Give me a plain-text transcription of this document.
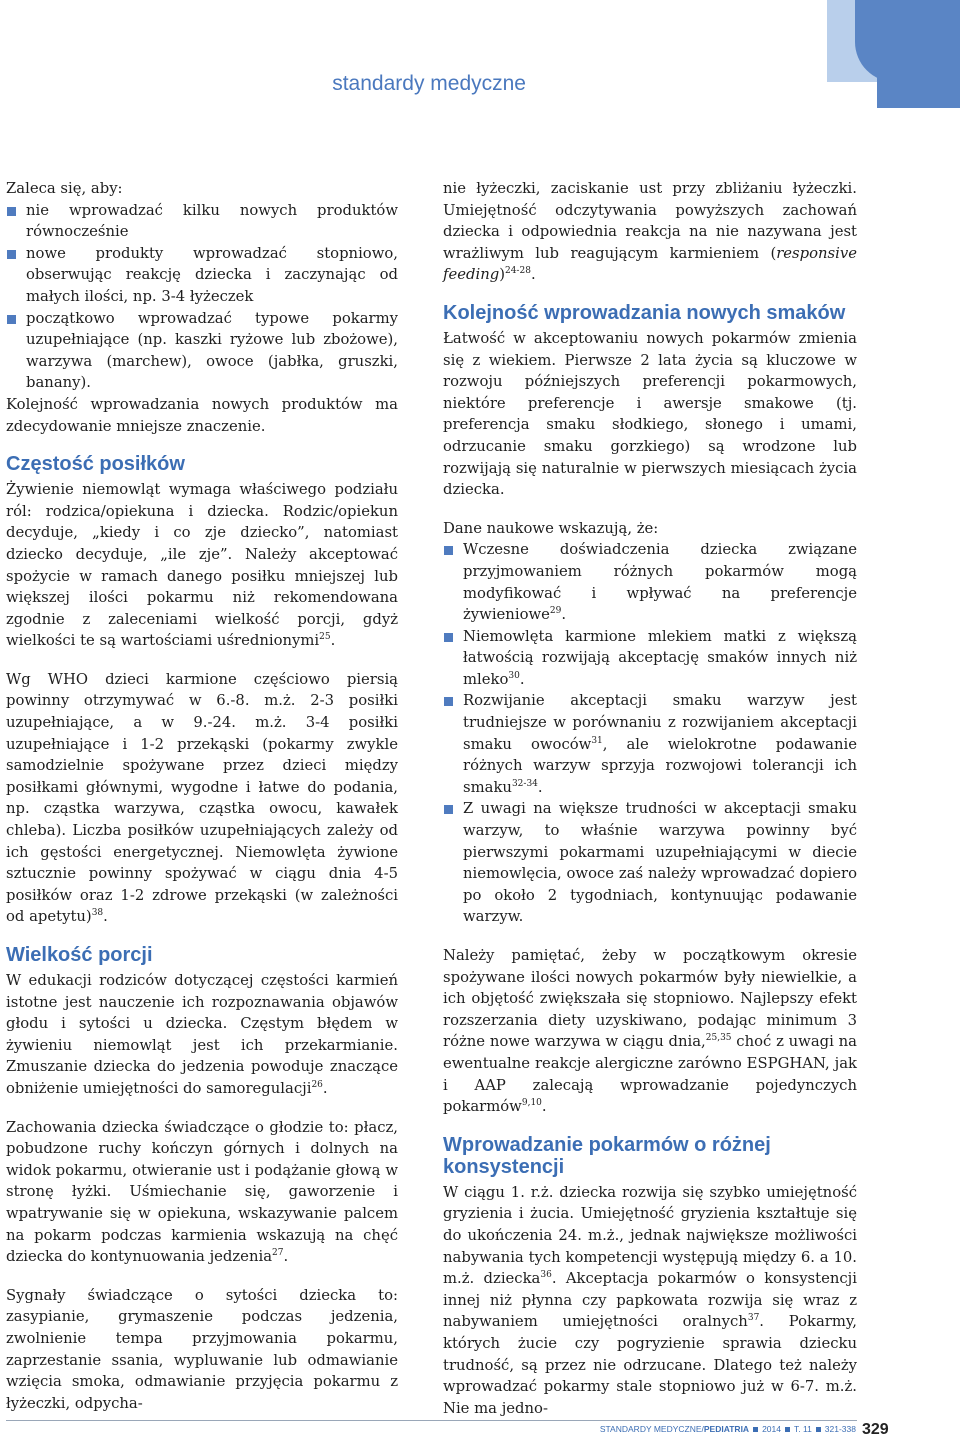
standardy medyczne

Zaleca się, aby:

nie wprowadzać kilku nowych produktów równocześnie
nowe produkty wprowadzać stopniowo, obserwując reakcję dziecka i zaczynając od małych ilości, np. 3-4 łyżeczek
początkowo wprowadzać typowe pokarmy uzupełniające (np. kaszki ryżowe lub zbożowe), warzywa (marchew), owoce (jabłka, gruszki, banany).

Kolejność wprowadzania nowych produktów ma zdecydowanie mniejsze znaczenie.

Częstość posiłków

Żywienie niemowląt wymaga właściwego podziału ról: rodzica/opiekuna i dziecka. Rodzic/opiekun decyduje, „kiedy i co zje dziecko”, natomiast dziecko decyduje, „ile zje”. Należy akceptować spożycie w ramach danego posiłku mniejszej lub większej ilości pokarmu niż rekomendowana zgodnie z zaleceniami wielkość porcji, gdyż wielkości te są wartościami uśrednionymi$^{25}$.

Wg WHO dzieci karmione częściowo piersią powinny otrzymywać w 6.-8. m.ż. 2-3 posiłki uzupełniające, a w 9.-24. m.ż. 3-4 posiłki uzupełniające i 1-2 przekąski (pokarmy zwykle samodzielnie spożywane przez dzieci między posiłkami głównymi, wygodne i łatwe do podania, np. cząstka warzywa, cząstka owocu, kawałek chleba). Liczba posiłków uzupełniających zależy od ich gęstości energetycznej. Niemowlęta żywione sztucznie powinny spożywać w ciągu dnia 4-5 posiłków oraz 1-2 zdrowe przekąski (w zależności od apetytu)$^{38}$.

Wielkość porcji

W edukacji rodziców dotyczącej częstości karmień istotne jest nauczenie ich rozpoznawania objawów głodu i sytości u dziecka. Częstym błędem w żywieniu niemowląt jest ich przekarmianie. Zmuszanie dziecka do jedzenia powoduje znaczące obniżenie umiejętności do samoregulacji$^{26}$.

Zachowania dziecka świadczące o głodzie to: płacz, pobudzone ruchy kończyn górnych i dolnych na widok pokarmu, otwieranie ust i podążanie głową w stronę łyżki. Uśmiechanie się, gaworzenie i wpatrywanie się w opiekuna, wskazywanie palcem na pokarm podczas karmienia wskazują na chęć dziecka do kontynuowania jedzenia$^{27}$.

Sygnały świadczące o sytości dziecka to: zasypianie, grymaszenie podczas jedzenia, zwolnienie tempa przyjmowania pokarmu, zaprzestanie ssania, wypluwanie lub odmawianie wzięcia smoka, odmawianie przyjęcia pokarmu z łyżeczki, odpycha-

nie łyżeczki, zaciskanie ust przy zbliżaniu łyżeczki. Umiejętność odczytywania powyższych zachowań dziecka i odpowiednia reakcja na nie nazywana jest wrażliwym lub reagującym karmieniem (responsive feeding)$^{24-28}$.

Kolejność wprowadzania nowych smaków

Łatwość w akceptowaniu nowych pokarmów zmienia się z wiekiem. Pierwsze 2 lata życia są kluczowe w rozwoju późniejszych preferencji pokarmowych, niektóre preferencje i awersje smakowe (tj. preferencja smaku słodkiego, słonego i umami, odrzucanie smaku gorzkiego) są wrodzone lub rozwijają się naturalnie w pierwszych miesiącach życia dziecka.

Dane naukowe wskazują, że:

Wczesne doświadczenia dziecka związane przyjmowaniem różnych pokarmów mogą modyfikować i wpływać na preferencje żywieniowe$^{29}$.
Niemowlęta karmione mlekiem matki z większą łatwością rozwijają akceptację smaków innych niż mleko$^{30}$.
Rozwijanie akceptacji smaku warzyw jest trudniejsze w porównaniu z rozwijaniem akceptacji smaku owoców$^{31}$, ale wielokrotne podawanie różnych warzyw sprzyja rozwojowi tolerancji ich smaku$^{32-34}$.
Z uwagi na większe trudności w akceptacji smaku warzyw, to właśnie warzywa powinny być pierwszymi pokarmami uzupełniającymi w diecie niemowlęcia, owoce zaś należy wprowadzać dopiero po około 2 tygodniach, kontynuując podawanie warzyw.

Należy pamiętać, żeby w początkowym okresie spożywane ilości nowych pokarmów były niewielkie, a ich objętość zwiększała się stopniowo. Najlepszy efekt rozszerzania diety uzyskiwano, podając minimum 3 różne nowe warzywa w ciągu dnia,$^{25,35}$ choć z uwagi na ewentualne reakcje alergiczne zarówno ESPGHAN, jak i AAP zalecają wprowadzanie pojedynczych pokarmów$^{9,10}$.

Wprowadzanie pokarmów o różnej konsystencji

W ciągu 1. r.ż. dziecka rozwija się szybko umiejętność gryzienia i żucia. Umiejętność gryzienia kształtuje się do ukończenia 24. m.ż., jednak największe możliwości nabywania tych kompetencji występują między 6. a 10. m.ż. dziecka$^{36}$. Akceptacja pokarmów o konsystencji innej niż płynna czy papkowata rozwija się wraz z nabywaniem umiejętności oralnych$^{37}$. Pokarmy, których żucie czy pogryzienie sprawia dziecku trudność, są przez nie odrzucane. Dlatego też należy wprowadzać pokarmy stale stopniowo już w 6-7. m.ż. Nie ma jedno-

STANDARDY MEDYCZNE/PEDIATRIA 2014 T. 11 321-338 329
